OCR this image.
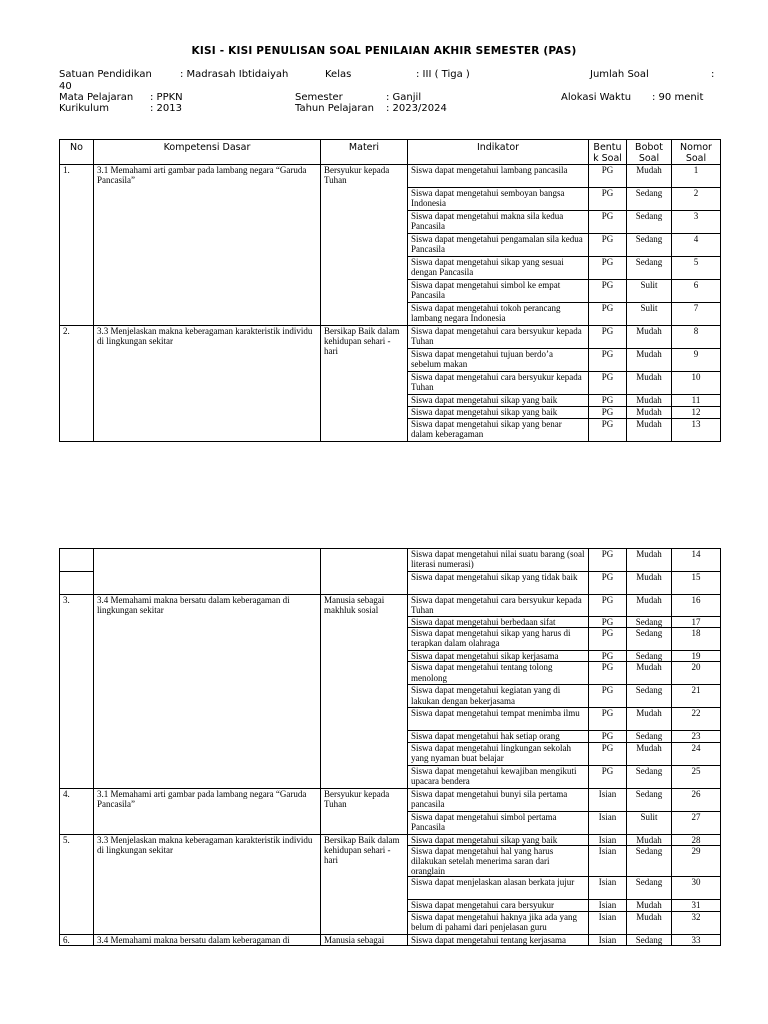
KISI - KISI PENULISAN SOAL PENILAIAN AKHIR SEMESTER (PAS)
Satuan Pendidikan	: Madrasah Ibtidaiyah	Kelas	: III ( Tiga )	Jumlah Soal	:
40
Mata Pelajaran : PPKN	Semester	: Ganjil	Alokasi Waktu : 90 menit
Kurikulum	: 2013	Tahun Pelajaran : 2023/2024
No	Kompetensi Dasar	Materi	Indikator	Bentu k Soal	Bobot Soal	Nomor Soal
1.	3.1 Memahami arti gambar pada lambang negara “Garuda Pancasila”	Bersyukur kepada Tuhan	Siswa dapat mengetahui lambang pancasila	PG	Mudah	1
			Siswa dapat mengetahui semboyan bangsa Indonesia	PG	Sedang	2
			Siswa dapat mengetahui makna sila kedua Pancasila	PG	Sedang	3
			Siswa dapat mengetahui pengamalan sila kedua Pancasila	PG	Sedang	4
			Siswa dapat mengetahui sikap yang sesuai dengan Pancasila	PG	Sedang	5
			Siswa dapat mengetahui simbol ke empat Pancasila	PG	Sulit	6
			Siswa dapat mengetahui tokoh perancang lambang negara Indonesia	PG	Sulit	7
2.	3.3 Menjelaskan makna keberagaman karakteristik individu di lingkungan sekitar	Bersikap Baik dalam kehidupan sehari - hari	Siswa dapat mengetahui cara bersyukur kepada Tuhan	PG	Mudah	8
			Siswa dapat mengetahui tujuan berdo’a sebelum makan	PG	Mudah	9
			Siswa dapat mengetahui cara bersyukur kepada Tuhan	PG	Mudah	10
			Siswa dapat mengetahui sikap yang baik	PG	Mudah	11
			Siswa dapat mengetahui sikap yang baik	PG	Mudah	12
			Siswa dapat mengetahui sikap yang benar dalam keberagaman	PG	Mudah	13
			Siswa dapat mengetahui nilai suatu barang (soal literasi numerasi)	PG	Mudah	14
			Siswa dapat mengetahui sikap yang tidak baik	PG	Mudah	15
3.	3.4 Memahami makna bersatu dalam keberagaman di lingkungan sekitar	Manusia sebagai makhluk sosial	Siswa dapat mengetahui cara bersyukur kepada Tuhan	PG	Mudah	16
			Siswa dapat mengetahui berbedaan sifat	PG	Sedang	17
			Siswa dapat mengetahui sikap yang harus di terapkan dalam olahraga	PG	Sedang	18
			Siswa dapat mengetahui sikap kerjasama	PG	Sedang	19
			Siswa dapat mengetahui tentang tolong menolong	PG	Mudah	20
			Siswa dapat mengetahui kegiatan yang di lakukan dengan bekerjasama	PG	Sedang	21
			Siswa dapat mengetahui tempat menimba ilmu	PG	Mudah	22
			Siswa dapat mengetahui hak setiap orang	PG	Sedang	23
			Siswa dapat mengetahui lingkungan sekolah yang nyaman buat belajar	PG	Mudah	24
			Siswa dapat mengetahui kewajiban mengikuti upacara bendera	PG	Sedang	25
4.	3.1 Memahami arti gambar pada lambang negara “Garuda Pancasila”	Bersyukur kepada Tuhan	Siswa dapat mengetahui bunyi sila pertama pancasila	Isian	Sedang	26
			Siswa dapat mengetahui simbol pertama Pancasila	Isian	Sulit	27
5.	3.3 Menjelaskan makna keberagaman karakteristik individu di lingkungan sekitar	Bersikap Baik dalam kehidupan sehari - hari	Siswa dapat mengetahui sikap yang baik	Isian	Mudah	28
			Siswa dapat mengetahui hal yang harus dilakukan setelah menerima saran dari oranglain	Isian	Sedang	29
			Siswa dapat menjelaskan alasan berkata jujur	Isian	Sedang	30
			Siswa dapat mengetahui cara bersyukur	Isian	Mudah	31
			Siswa dapat mengetahui haknya jika ada yang belum di pahami dari penjelasan guru	Isian	Mudah	32
6.	3.4 Memahami makna bersatu dalam keberagaman di	Manusia sebagai	Siswa dapat mengetahui tentang kerjasama	Isian	Sedang	33
